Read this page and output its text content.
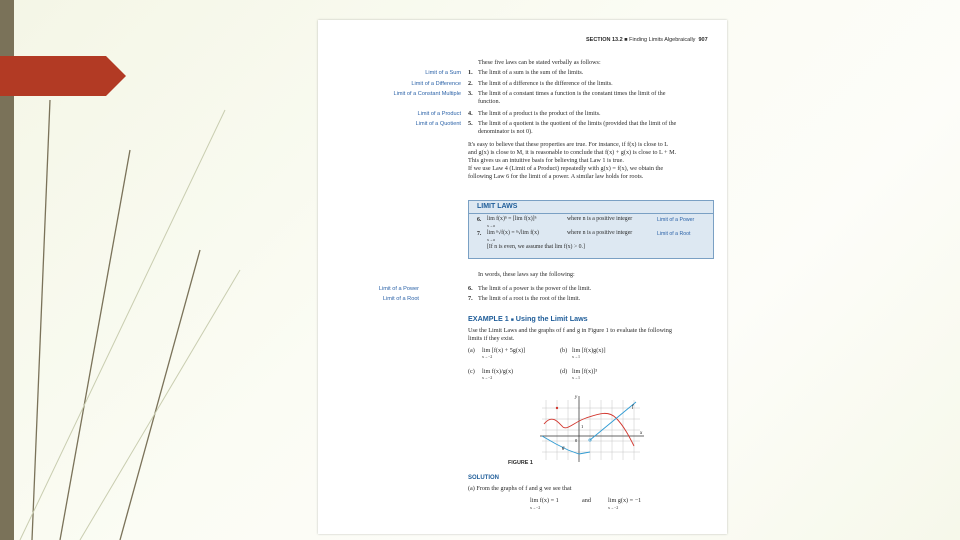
SECTION 13.2 ■ Finding Limits Algebraically 907
These five laws can be stated verbally as follows:
Limit of a Sum 1. The limit of a sum is the sum of the limits.
Limit of a Difference 2. The limit of a difference is the difference of the limits.
Limit of a Constant Multiple 3. The limit of a constant times a function is the constant times the limit of the
function.
Limit of a Product 4. The limit of a product is the product of the limits.
Limit of a Quotient 5. The limit of a quotient is the quotient of the limits (provided that the limit of the
denominator is not 0).
It's easy to believe that these properties are true. For instance, if f(x) is close to L
and g(x) is close to M, it is reasonable to conclude that f(x) + g(x) is close to L + M.
This gives us an intuitive basis for believing that Law 1 is true.
If we use Law 4 (Limit of a Product) repeatedly with g(x) = f(x), we obtain the
following Law 6 for the limit of a power. A similar law holds for roots.
LIMIT LAWS
6. lim f(x)ⁿ = [lim f(x)]ⁿ
x→a
where n is a positive integer	Limit of a Power
7. lim ⁿ√f(x) = ⁿ√lim f(x)
x→a
where n is a positive integer	Limit of a Root
[If n is even, we assume that lim f(x) > 0.]
In words, these laws say the following:
Limit of a Power	6. The limit of a power is the power of the limit.
Limit of a Root	7. The limit of a root is the root of the limit.
EXAMPLE 1 ■ Using the Limit Laws
Use the Limit Laws and the graphs of f and g in Figure 1 to evaluate the following
limits if they exist.
(a) lim [f(x) + 5g(x)]
x→−2
(b) lim [f(x)g(x)]
x→1
(c) lim f(x)/g(x)
x→−2
(d) lim [f(x)]³
x→1
f
g
y
x
0
1
FIGURE 1
SOLUTION
(a) From the graphs of f and g we see that
lim f(x) = 1
x→−2
and	lim g(x) = −1
x→−2
